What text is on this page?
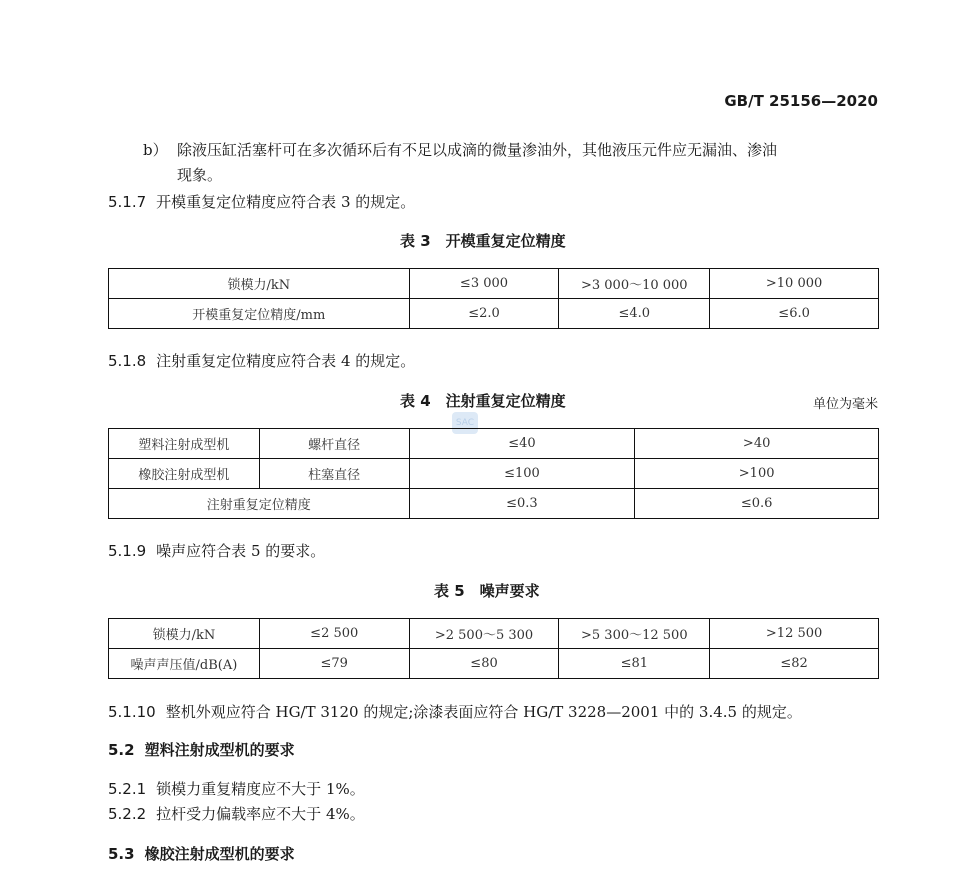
GB/T 25156—2020
b） 除液压缸活塞杆可在多次循环后有不足以成滴的微量渗油外，其他液压元件应无漏油、渗油
现象。
5.1.7 开模重复定位精度应符合表 3 的规定。
表 3　开模重复定位精度
锁模力/kN	≤3 000	>3 000～10 000	>10 000
开模重复定位精度/mm	≤2.0	≤4.0	≤6.0
5.1.8 注射重复定位精度应符合表 4 的规定。
表 4　注射重复定位精度	单位为毫米
SAC
塑料注射成型机	螺杆直径	≤40	>40
橡胶注射成型机	柱塞直径	≤100	>100
注射重复定位精度		≤0.3	≤0.6
5.1.9 噪声应符合表 5 的要求。
表 5　噪声要求
锁模力/kN	≤2 500	>2 500～5 300	>5 300～12 500	>12 500
噪声声压值/dB(A)	≤79	≤80	≤81	≤82
5.1.10 整机外观应符合 HG/T 3120 的规定;涂漆表面应符合 HG/T 3228—2001 中的 3.4.5 的规定。
5.2 塑料注射成型机的要求
5.2.1 锁模力重复精度应不大于 1%。
5.2.2 拉杆受力偏载率应不大于 4%。
5.3 橡胶注射成型机的要求
